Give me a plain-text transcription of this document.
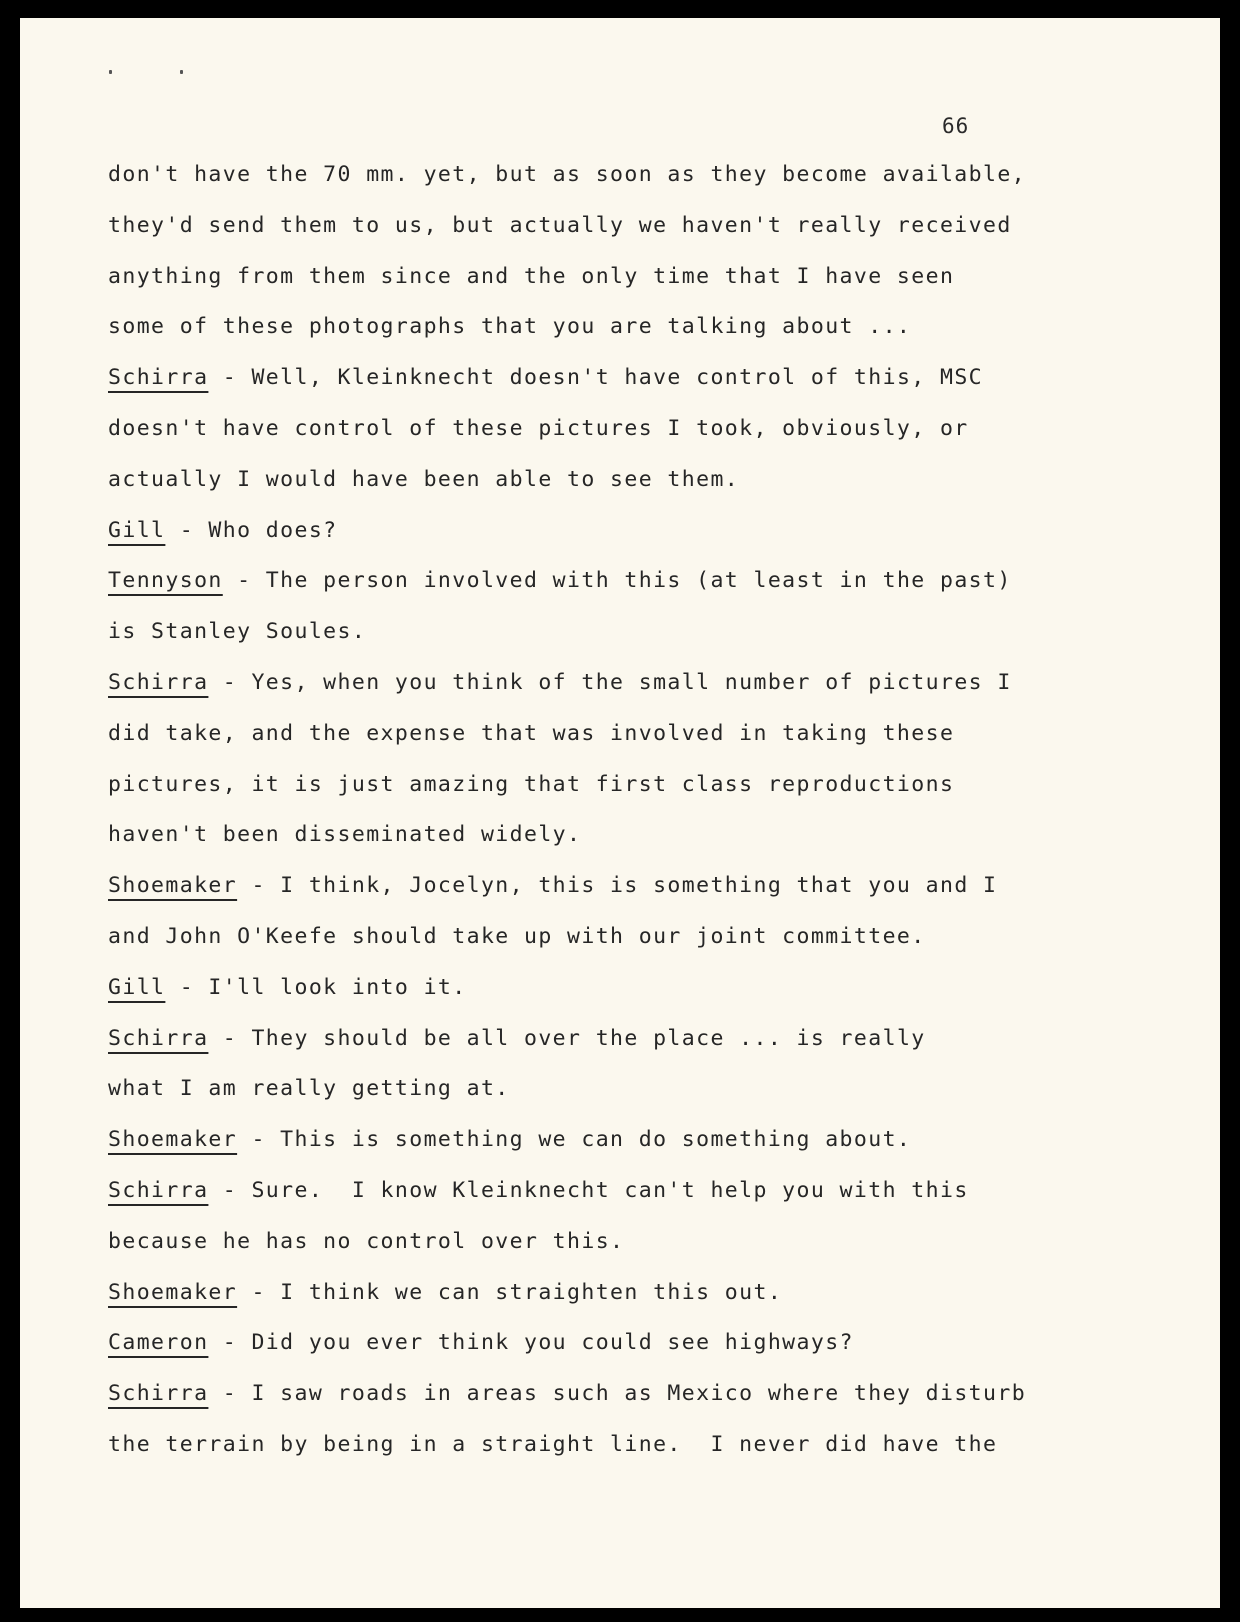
66
don't have the 70 mm. yet, but as soon as they become available,
they'd send them to us, but actually we haven't really received
anything from them since and the only time that I have seen
some of these photographs that you are talking about ...
Schirra - Well, Kleinknecht doesn't have control of this, MSC
doesn't have control of these pictures I took, obviously, or
actually I would have been able to see them.
Gill - Who does?
Tennyson - The person involved with this (at least in the past)
is Stanley Soules.
Schirra - Yes, when you think of the small number of pictures I
did take, and the expense that was involved in taking these
pictures, it is just amazing that first class reproductions
haven't been disseminated widely.
Shoemaker - I think, Jocelyn, this is something that you and I
and John O'Keefe should take up with our joint committee.
Gill - I'll look into it.
Schirra - They should be all over the place ... is really
what I am really getting at.
Shoemaker - This is something we can do something about.
Schirra - Sure.  I know Kleinknecht can't help you with this
because he has no control over this.
Shoemaker - I think we can straighten this out.
Cameron - Did you ever think you could see highways?
Schirra - I saw roads in areas such as Mexico where they disturb
the terrain by being in a straight line.  I never did have the
